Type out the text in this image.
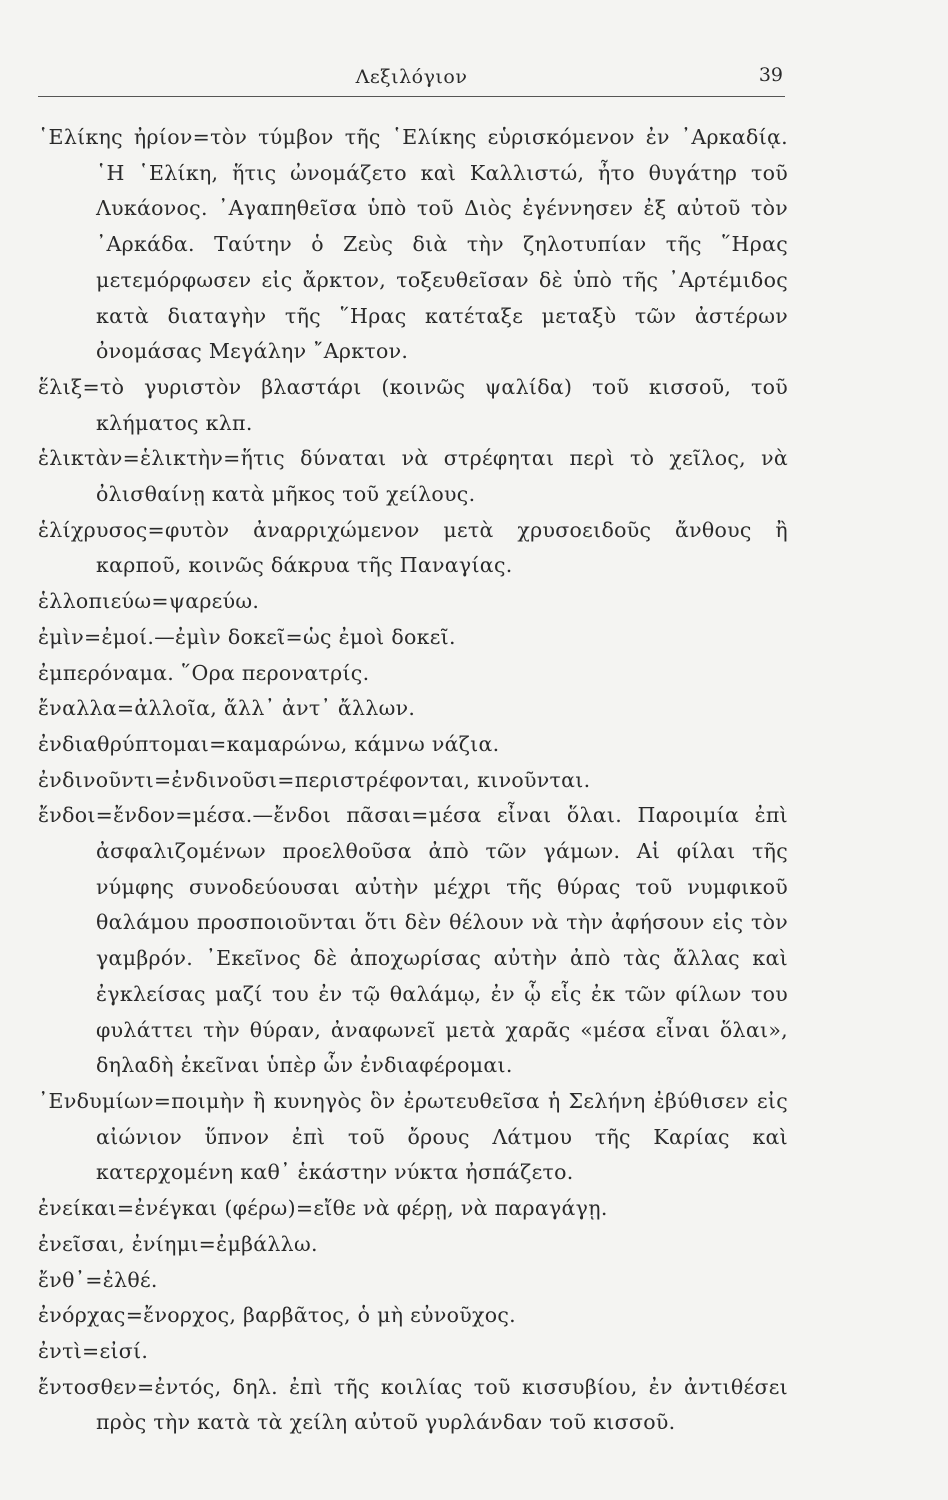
Λεξιλόγιον	39

῾Ελίκης ἠρίον=τὸν τύμβον τῆς ῾Ελίκης εὑρισκόμενον ἐν ᾿Αρκαδίᾳ. ῾Η ῾Ελίκη, ἥτις ὠνομάζετο καὶ Καλλιστώ, ἦτο θυγάτηρ τοῦ Λυκάονος. ᾿Αγαπηθεῖσα ὑπὸ τοῦ Διὸς ἐγέννησεν ἐξ αὐτοῦ τὸν ᾿Αρκάδα. Ταύτην ὁ Ζεὺς διὰ τὴν ζηλοτυπίαν τῆς ῞Ηρας μετεμόρφωσεν εἰς ἄρκτον, τοξευθεῖσαν δὲ ὑπὸ τῆς ᾿Αρτέμιδος κατὰ διαταγὴν τῆς ῞Ηρας κατέταξε μεταξὺ τῶν ἀστέρων ὀνομάσας Μεγάλην ῎Αρκτον.

ἕλιξ=τὸ γυριστὸν βλαστάρι (κοινῶς ψαλίδα) τοῦ κισσοῦ, τοῦ κλήματος κλπ.

ἑλικτὰν=ἑλικτὴν=ἥτις δύναται νὰ στρέφηται περὶ τὸ χεῖλος, νὰ ὀλισθαίνῃ κατὰ μῆκος τοῦ χείλους.

ἑλίχρυσος=φυτὸν ἀναρριχώμενον μετὰ χρυσοειδοῦς ἄνθους ἢ καρποῦ, κοινῶς δάκρυα τῆς Παναγίας.

ἑλλοπιεύω=ψαρεύω.

ἐμὶν=ἐμοί.—ἐμὶν δοκεῖ=ὡς ἐμοὶ δοκεῖ.

ἐμπερόναμα. ῞Ορα περονατρίς.

ἔναλλα=ἀλλοῖα, ἄλλ᾿ ἀντ᾿ ἄλλων.

ἐνδιαθρύπτομαι=καμαρώνω, κάμνω νάζια.

ἐνδινοῦντι=ἐνδινοῦσι=περιστρέφονται, κινοῦνται.

ἔνδοι=ἔνδον=μέσα.—ἔνδοι πᾶσαι=μέσα εἶναι ὅλαι. Παροιμία ἐπὶ ἀσφαλιζομένων προελθοῦσα ἀπὸ τῶν γάμων. Αἱ φίλαι τῆς νύμφης συνοδεύουσαι αὐτὴν μέχρι τῆς θύρας τοῦ νυμφικοῦ θαλάμου προσποιοῦνται ὅτι δὲν θέλουν νὰ τὴν ἀφήσουν εἰς τὸν γαμβρόν. ᾿Εκεῖνος δὲ ἀποχωρίσας αὐτὴν ἀπὸ τὰς ἄλλας καὶ ἐγκλείσας μαζί του ἐν τῷ θαλάμῳ, ἐν ᾧ εἷς ἐκ τῶν φίλων του φυλάττει τὴν θύραν, ἀναφωνεῖ μετὰ χαρᾶς «μέσα εἶναι ὅλαι», δηλαδὴ ἐκεῖναι ὑπὲρ ὧν ἐνδιαφέρομαι.

᾿Ενδυμίων=ποιμὴν ἢ κυνηγὸς ὃν ἐρωτευθεῖσα ἡ Σελήνη ἐβύθισεν εἰς αἰώνιον ὕπνον ἐπὶ τοῦ ὄρους Λάτμου τῆς Καρίας καὶ κατερχομένη καθ᾿ ἑκάστην νύκτα ἠσπάζετο.

ἐνείκαι=ἐνέγκαι (φέρω)=εἴθε νὰ φέρῃ, νὰ παραγάγῃ.

ἐνεῖσαι, ἐνίημι=ἐμβάλλω.

ἔνθ᾿=ἐλθέ.

ἐνόρχας=ἔνορχος, βαρβᾶτος, ὁ μὴ εὐνοῦχος.

ἐντὶ=εἰσί.

ἔντοσθεν=ἐντός, δηλ. ἐπὶ τῆς κοιλίας τοῦ κισσυβίου, ἐν ἀντιθέσει πρὸς τὴν κατὰ τὰ χείλη αὐτοῦ γυρλάνδαν τοῦ κισσοῦ.
